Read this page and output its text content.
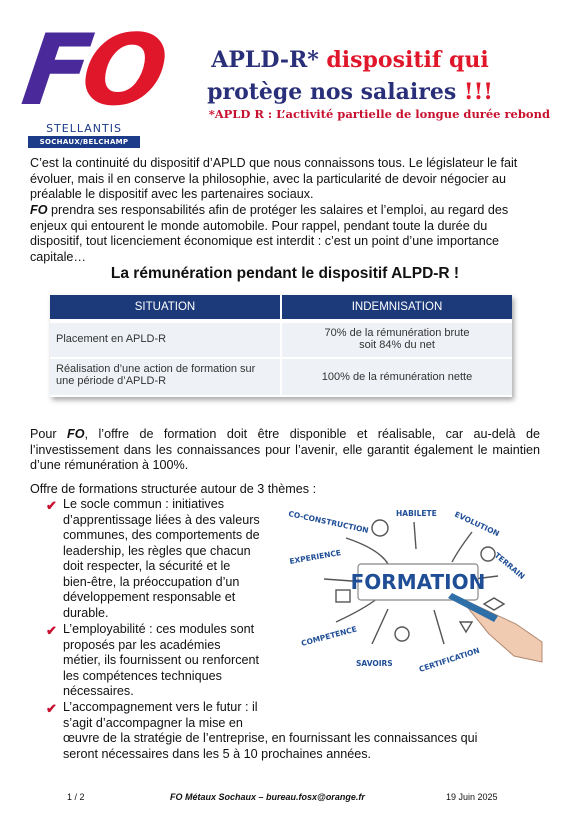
FO
STELLANTIS
SOCHAUX/BELCHAMP
APLD-R* dispositif qui
protège nos salaires !!!
*APLD R : L’activité partielle de longue durée rebond
C’est la continuité du dispositif d’APLD que nous connaissons tous. Le législateur le fait évoluer, mais il en conserve la philosophie, avec la particularité de devoir négocier au préalable le dispositif avec les partenaires sociaux.
FO prendra ses responsabilités afin de protéger les salaires et l’emploi, au regard des enjeux qui entourent le monde automobile. Pour rappel, pendant toute la durée du dispositif, tout licenciement économique est interdit : c’est un point d’une importance capitale…
La rémunération pendant le dispositif ALPD-R !
SITUATION	INDEMNISATION
Placement en APLD-R	70% de la rémunération brute
soit 84% du net
Réalisation d’une action de formation sur
une période d’APLD-R	100% de la rémunération nette
Pour FO, l’offre de formation doit être disponible et réalisable, car au-delà de l’investissement dans les connaissances pour l’avenir, elle garantit également le maintien d’une rémunération à 100%.
Offre de formations structurée autour de 3 thèmes :
✔ Le socle commun : initiatives
d’apprentissage liées à des valeurs
communes, des comportements de
leadership, les règles que chacun
doit respecter, la sécurité et le
bien-être, la préoccupation d’un
développement responsable et
durable.
✔ L’employabilité : ces modules sont
proposés par les académies
métier, ils fournissent ou renforcent
les compétences techniques
nécessaires.
✔ L’accompagnement vers le futur : il
s’agit d’accompagner la mise en
œuvre de la stratégie de l’entreprise, en fournissant les connaissances qui
seront nécessaires dans les 5 à 10 prochaines années.
FORMATION
CO-CONSTRUCTION	HABILETE EVOLUTION
EXPERIENCE	TERRAIN
COMPETENCE
SAVOIRS	CERTIFICATION
1 / 2	FO Métaux Sochaux – bureau.fosx@orange.fr	19 Juin 2025
